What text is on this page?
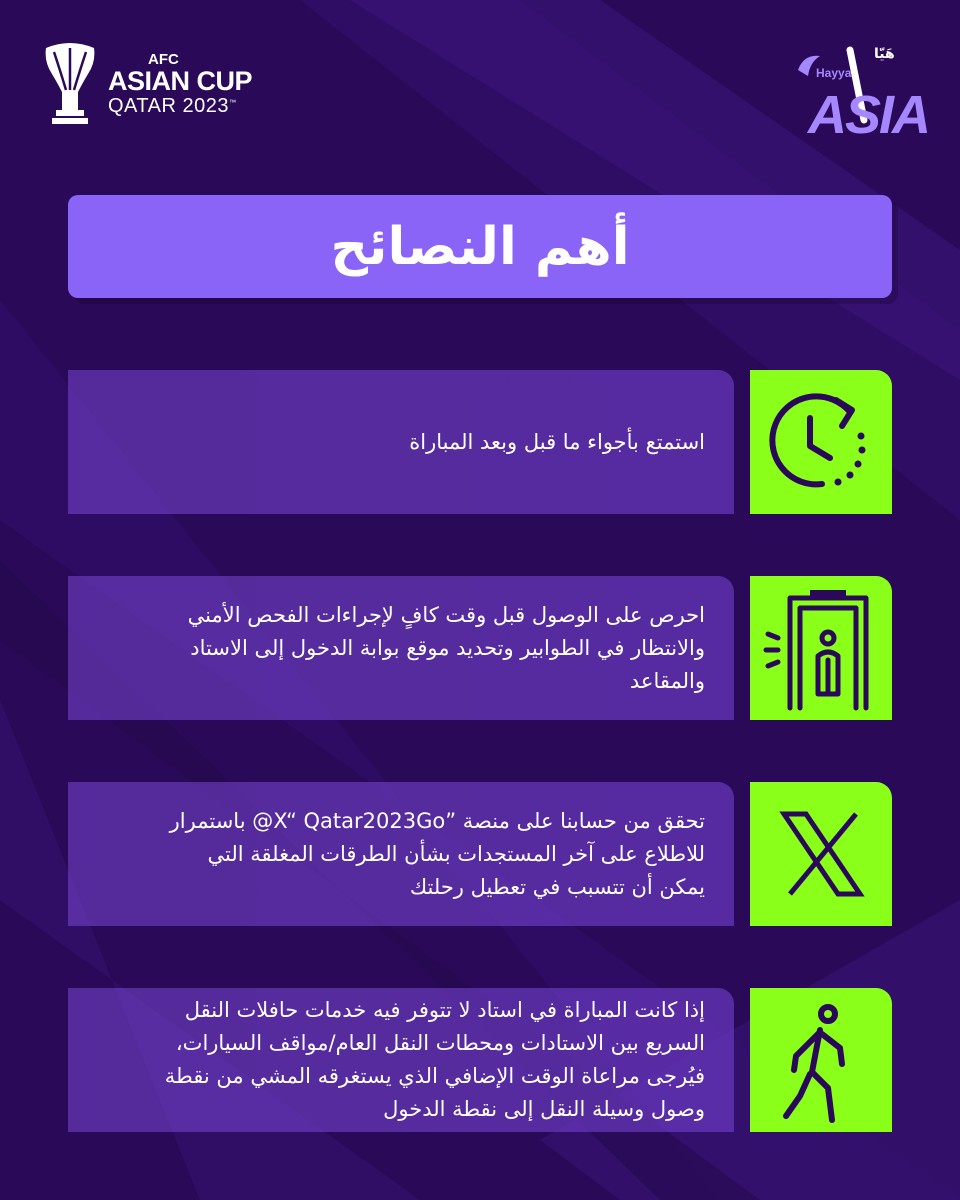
AFC
ASIAN CUP
QATAR 2023™
Hayya
هَيّا
ASIA
أهم النصائح
استمتع بأجواء ما قبل وبعد المباراة
احرص على الوصول قبل وقت كافٍ لإجراءات الفحص الأمني والانتظار في الطوابير وتحديد موقع بوابة الدخول إلى الاستاد والمقاعد
تحقق من حسابنا على منصة ”X“ Qatar2023Go@ باستمرار للاطلاع على آخر المستجدات بشأن الطرقات المغلقة التي يمكن أن تتسبب في تعطيل رحلتك
إذا كانت المباراة في استاد لا تتوفر فيه خدمات حافلات النقل السريع بين الاستادات ومحطات النقل العام/مواقف السيارات، فيُرجى مراعاة الوقت الإضافي الذي يستغرقه المشي من نقطة وصول وسيلة النقل إلى نقطة الدخول
